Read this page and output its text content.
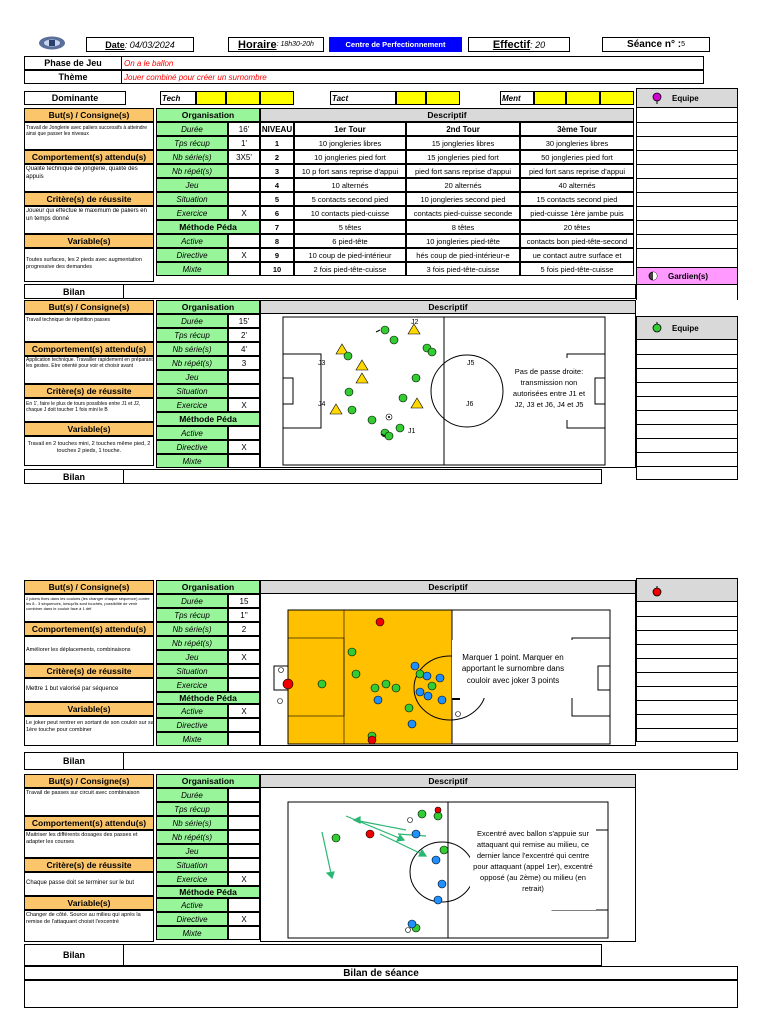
Date : 04/03/2024	Horaire : 18h30-20h	Centre de Perfectionnement	Effectif : 20	Séance n° : 5
Phase de Jeu	On a le ballon
Thème	Jouer combiné pour créer un surnombre
Dominante	Tech	Tact	Ment	Equipe
Gardien(s)
Equipe
But(s) / Consigne(s)
Travail de Jonglerie avec paliers successifs à atteindre ainsi que passer les niveaux
Comportement(s) attendu(s)
Qualité technique de jonglerie, qualité des appuis
Critère(s) de réussite
Joueur qui effectue le maximum de paliers en un temps donné
Variable(s)
Toutes surfaces, les 2 pieds avec augmentation progressive des demandes
Organisation
Durée	16'
Tps récup	1'
Nb série(s)	3X5'
Nb répét(s)
Jeu
Situation
Exercice	X
Méthode Péda
Active
Directive	X
Mixte
Descriptif
NIVEAU	1er Tour	2nd Tour	3ème Tour
1	10 jongleries libres	15 jongleries libres	30 jongleries libres
2	10 jongleries pied fort	15 jongleries pied fort	50 jongleries pied fort
3	10 p fort sans reprise d'appui	pied fort sans reprise d'appui	pied fort sans reprise d'appui
4	10 alternés	20 alternés	40 alternés
5	5 contacts second pied	10 jongleries second pied	15 contacts second pied
6	10 contacts pied-cuisse	contacts pied-cuisse seconde	pied-cuisse 1ère jambe puis
7	5 têtes	8 têtes	20 têtes
8	6 pied-tête	10 jongleries pied-tête	contacts bon pied-tête-second
9	10 coup de pied-intérieur	hés coup de pied-intérieur-e	ue contact autre surface et
10	2 fois pied-tête-cuisse	3 fois pied-tête-cuisse	5 fois pied-tête-cuisse
Bilan
But(s) / Consigne(s)
Travail technique de répétition passes
Comportement(s) attendu(s)
Application technique. Travailler rapidement en préparant les gestes. Etre orienté pour voir et choisir avant
Critère(s) de réussite
En 1', faire le plus de tours possibles entre J1 et J2, chaque J doit toucher 1 fois mini le B
Variable(s)
Travail en 2 touches mini, 2 touches même pied, 2 touches 2 pieds, 1 touche.
Organisation
Durée	15'
Tps récup	2'
Nb série(s)	4'
Nb répét(s)	3
Jeu
Situation
Exercice	X
Méthode Péda
Active
Directive	X
Mixte
Descriptif
J2
J3
J4
J5
J6
J1
Pas de passe droite: transmission non autorisées entre J1 et J2, J3 et J6, J4 et J5
Bilan
But(s) / Consigne(s)
2 jokers fixes dans les couloirs (les changer chaque séquence) contre les 8 - 3 séquences, lorsqu'ils sont touchés, possibilité de venir combiner dans le couloir face à 1 déf
Comportement(s) attendu(s)
Améliorer les déplacements, combinaisons
Critère(s) de réussite
Mettre 1 but valorisé par séquence
Variable(s)
Le joker peut rentrer en sortant de son couloir sur sa 1ère touche pour combiner
Organisation
Durée	15
Tps récup	1''
Nb série(s)	2
Nb répét(s)
Jeu	X
Situation
Exercice
Méthode Péda
Active	X
Directive
Mixte
Descriptif
Marquer 1 point. Marquer en apportant le surnombre dans couloir avec joker 3 points
Bilan
But(s) / Consigne(s)
Travail de passes sur circuit avec combinaison
Comportement(s) attendu(s)
Maitriser les différents dosages des passes et adapter les courses
Critère(s) de réussite
Chaque passe doit se terminer sur le but
Variable(s)
Changer de côté. Source au milieu qui après la remise de l'attaquant choisit l'excentré
Organisation
Durée
Tps récup
Nb série(s)
Nb répét(s)
Jeu
Situation
Exercice	X
Méthode Péda
Active
Directive	X
Mixte
Descriptif
Excentré avec ballon s'appuie sur attaquant qui remise au milieu, ce dernier lance l'excentré qui centre pour attaquant (appel 1er), excentré opposé (au 2ème) ou milieu (en retrait)
Bilan
Bilan de séance
